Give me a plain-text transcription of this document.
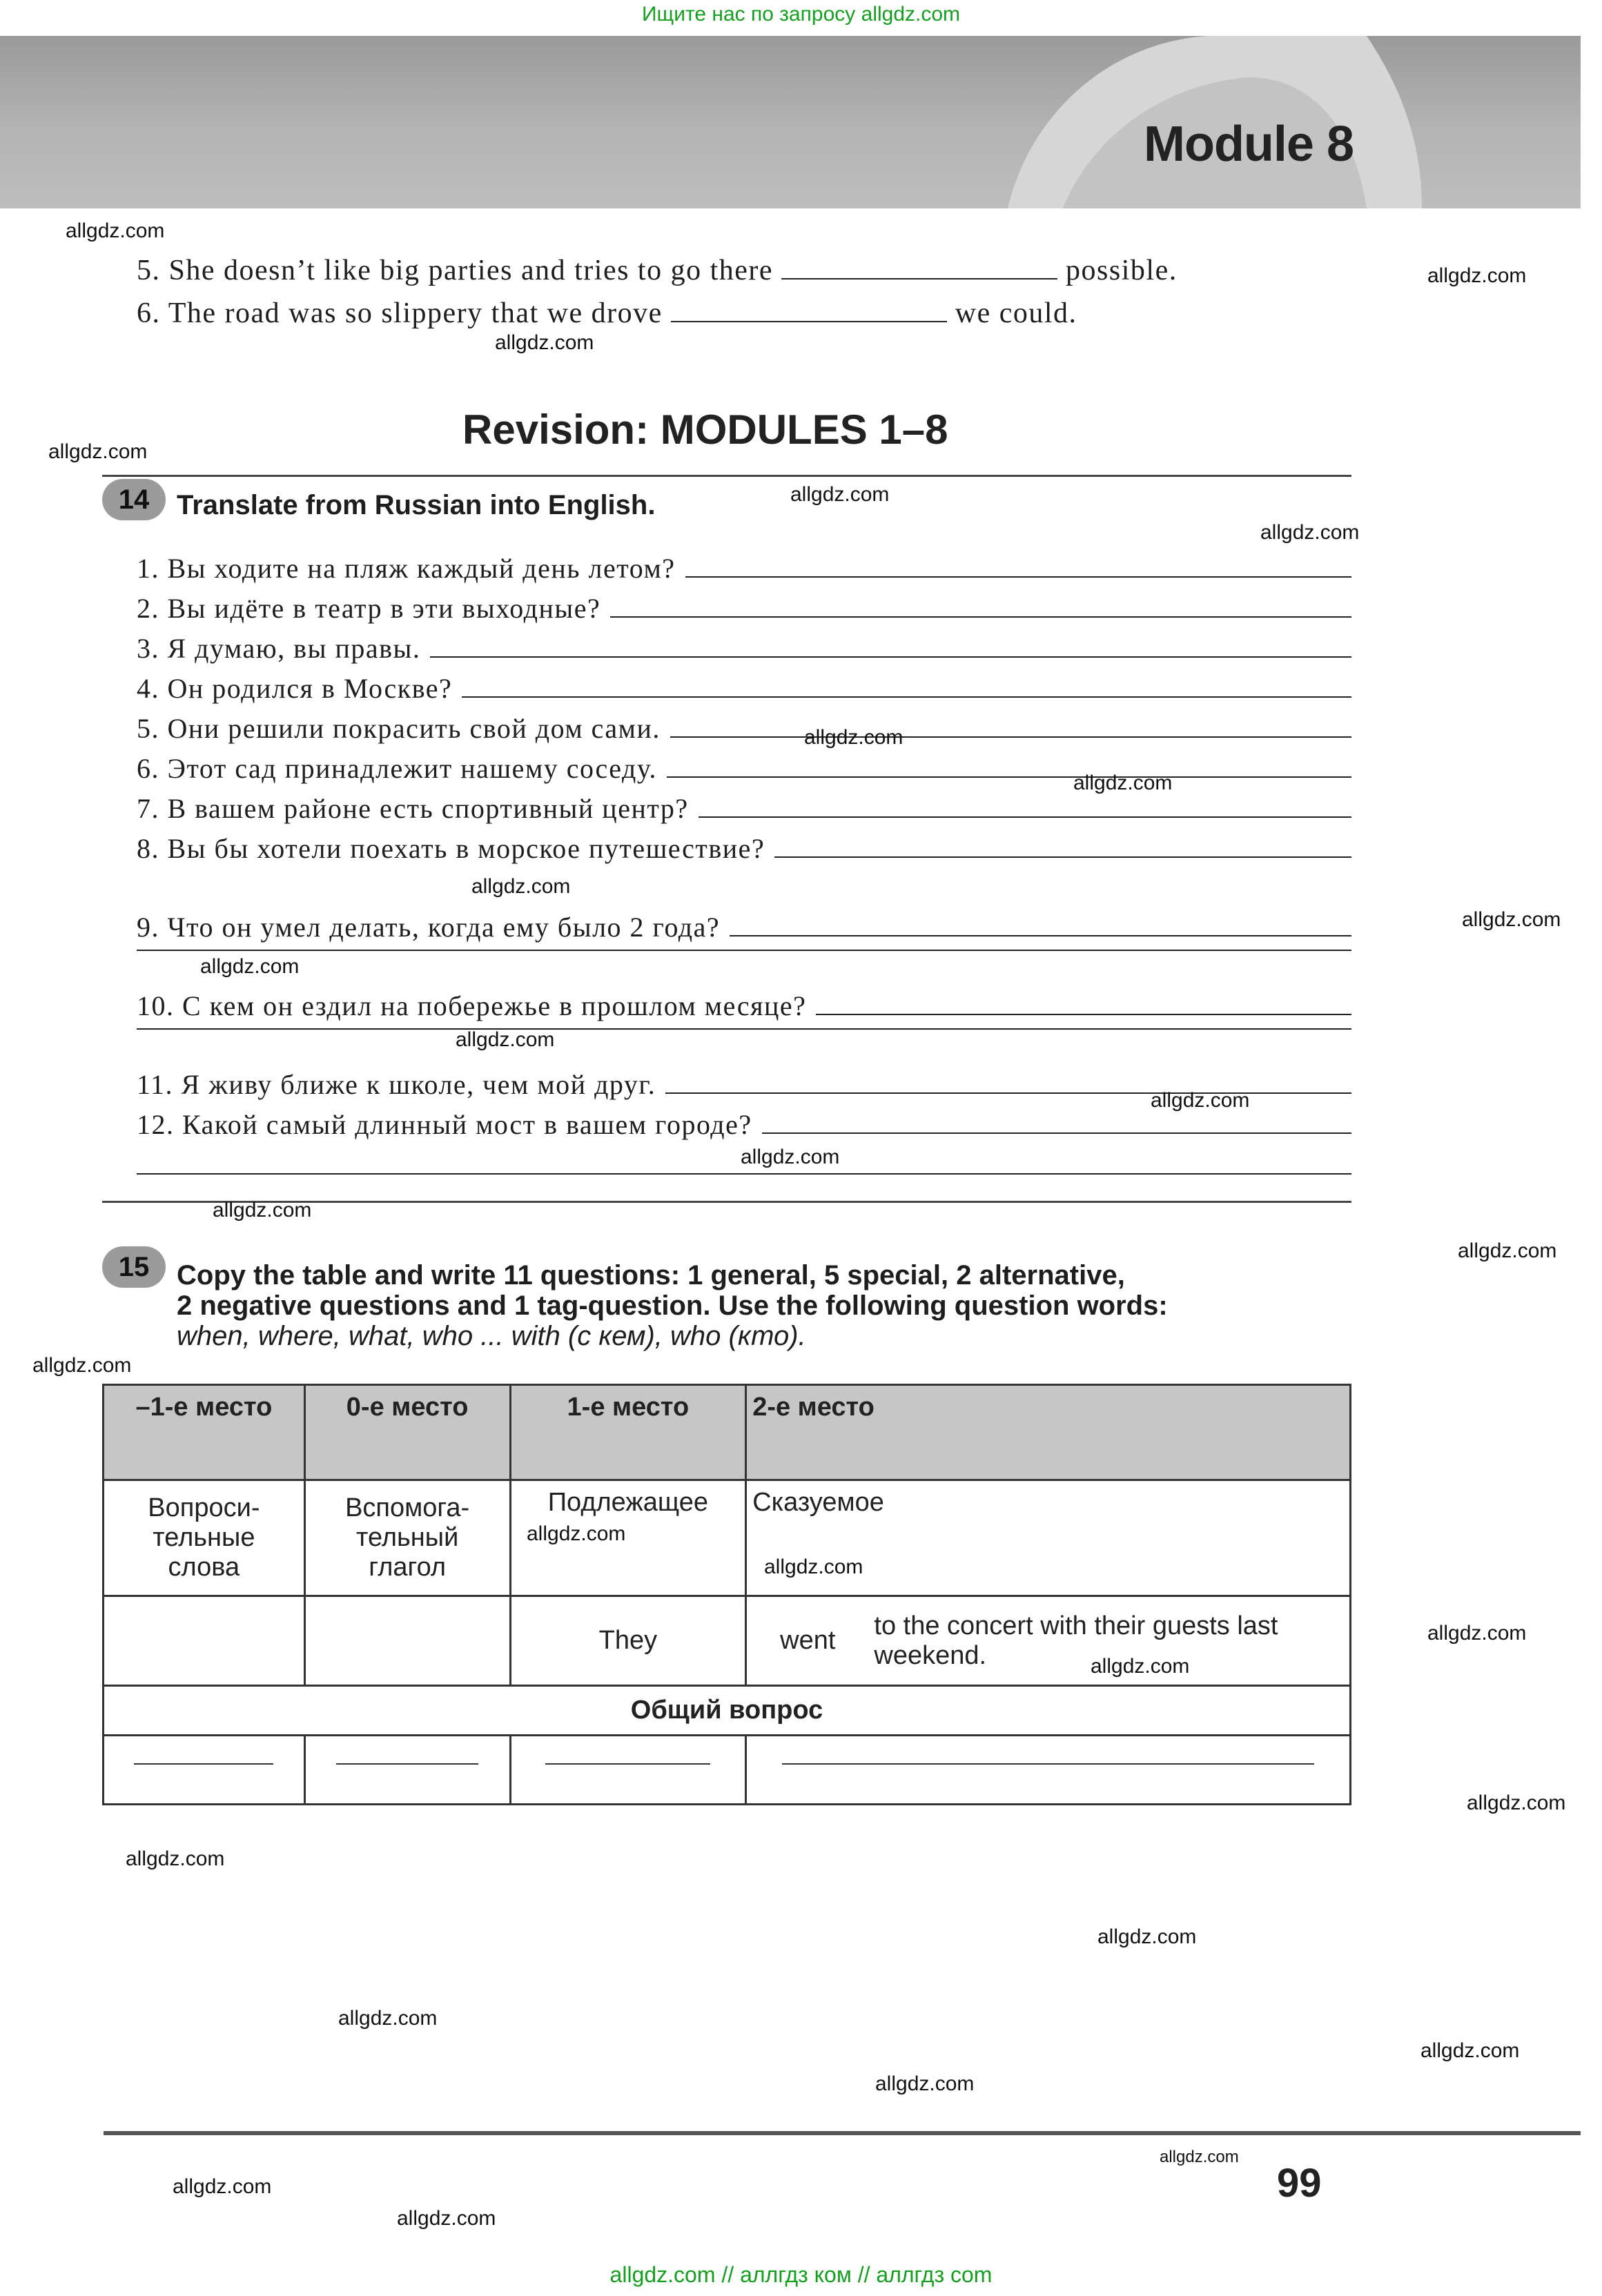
Ищите нас по запросу allgdz.com
Module 8
5. She doesn’t like big parties and tries to go there	possible.
6. The road was so slippery that we drove	we could.
Revision: MODULES 1–8
14 Translate from Russian into English.
1. Вы ходите на пляж каждый день летом?
2. Вы идёте в театр в эти выходные?
3. Я думаю, вы правы.
4. Он родился в Москве?
5. Они решили покрасить свой дом сами.
6. Этот сад принадлежит нашему соседу.
7. В вашем районе есть спортивный центр?
8. Вы бы хотели поехать в морское путешествие?
9. Что он умел делать, когда ему было 2 года?
10. С кем он ездил на побережье в прошлом месяце?
11. Я живу ближе к школе, чем мой друг.
12. Какой самый длинный мост в вашем городе?
15 Copy the table and write 11 questions: 1 general, 5 special, 2 alternative,
2 negative questions and 1 tag-question. Use the following question words:
when, where, what, who ... with (с кем), who (кто).
–1-е место	0-е место	1-е место	2-е место	
Вопроси-тельные слова	Вспомога-тельный глагол	Подлежащее	Сказуемое	
		They	went	to the concert with their guests last weekend.
Общий вопрос				

99
allgdz.com
allgdz.com
allgdz.com
allgdz.com
allgdz.com
allgdz.com
allgdz.com
allgdz.com
allgdz.com
allgdz.com
allgdz.com
allgdz.com
allgdz.com
allgdz.com
allgdz.com
allgdz.com
allgdz.com
allgdz.com
allgdz.com
allgdz.com
allgdz.com
allgdz.com
allgdz.com
allgdz.com
allgdz.com
allgdz.com
allgdz.com
allgdz.com
allgdz.com
allgdz.com
allgdz.com // аллгдз ком // аллгдз com
